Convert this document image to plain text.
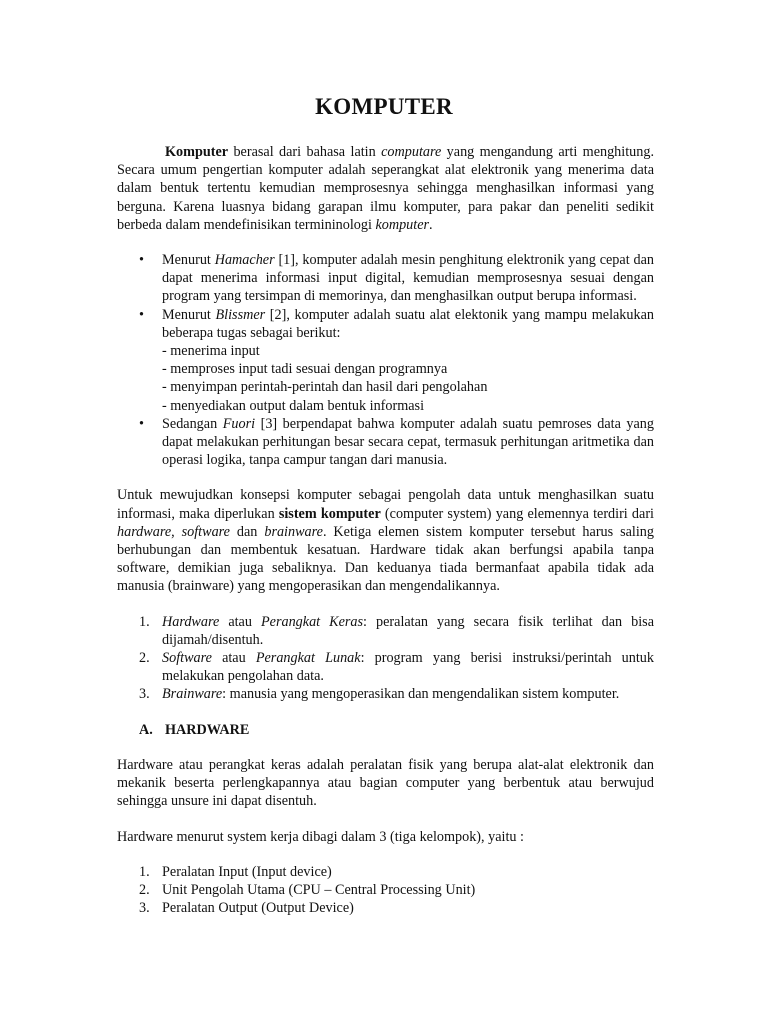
KOMPUTER

Komputer berasal dari bahasa latin computare yang mengandung arti menghitung. Secara umum pengertian komputer adalah seperangkat alat elektronik yang menerima data dalam bentuk tertentu kemudian memprosesnya sehingga menghasilkan informasi yang berguna. Karena luasnya bidang garapan ilmu komputer, para pakar dan peneliti sedikit berbeda dalam mendefinisikan termininologi komputer.

• Menurut Hamacher [1], komputer adalah mesin penghitung elektronik yang cepat dan dapat menerima informasi input digital, kemudian memprosesnya sesuai dengan program yang tersimpan di memorinya, dan menghasilkan output berupa informasi.
• Menurut Blissmer [2], komputer adalah suatu alat elektonik yang mampu melakukan beberapa tugas sebagai berikut:
- menerima input
- memproses input tadi sesuai dengan programnya
- menyimpan perintah-perintah dan hasil dari pengolahan
- menyediakan output dalam bentuk informasi
• Sedangan Fuori [3] berpendapat bahwa komputer adalah suatu pemroses data yang dapat melakukan perhitungan besar secara cepat, termasuk perhitungan aritmetika dan operasi logika, tanpa campur tangan dari manusia.

Untuk mewujudkan konsepsi komputer sebagai pengolah data untuk menghasilkan suatu informasi, maka diperlukan sistem komputer (computer system) yang elemennya terdiri dari hardware, software dan brainware. Ketiga elemen sistem komputer tersebut harus saling berhubungan dan membentuk kesatuan. Hardware tidak akan berfungsi apabila tanpa software, demikian juga sebaliknya. Dan keduanya tiada bermanfaat apabila tidak ada manusia (brainware) yang mengoperasikan dan mengendalikannya.

1. Hardware atau Perangkat Keras: peralatan yang secara fisik terlihat dan bisa dijamah/disentuh.
2. Software atau Perangkat Lunak: program yang berisi instruksi/perintah untuk melakukan pengolahan data.
3. Brainware: manusia yang mengoperasikan dan mengendalikan sistem komputer.
A. HARDWARE

Hardware atau perangkat keras adalah peralatan fisik yang berupa alat-alat elektronik dan mekanik beserta perlengkapannya atau bagian computer yang berbentuk atau berwujud sehingga unsure ini dapat disentuh.

Hardware menurut system kerja dibagi dalam 3 (tiga kelompok), yaitu :

1. Peralatan Input (Input device)
2. Unit Pengolah Utama (CPU – Central Processing Unit)
3. Peralatan Output (Output Device)
